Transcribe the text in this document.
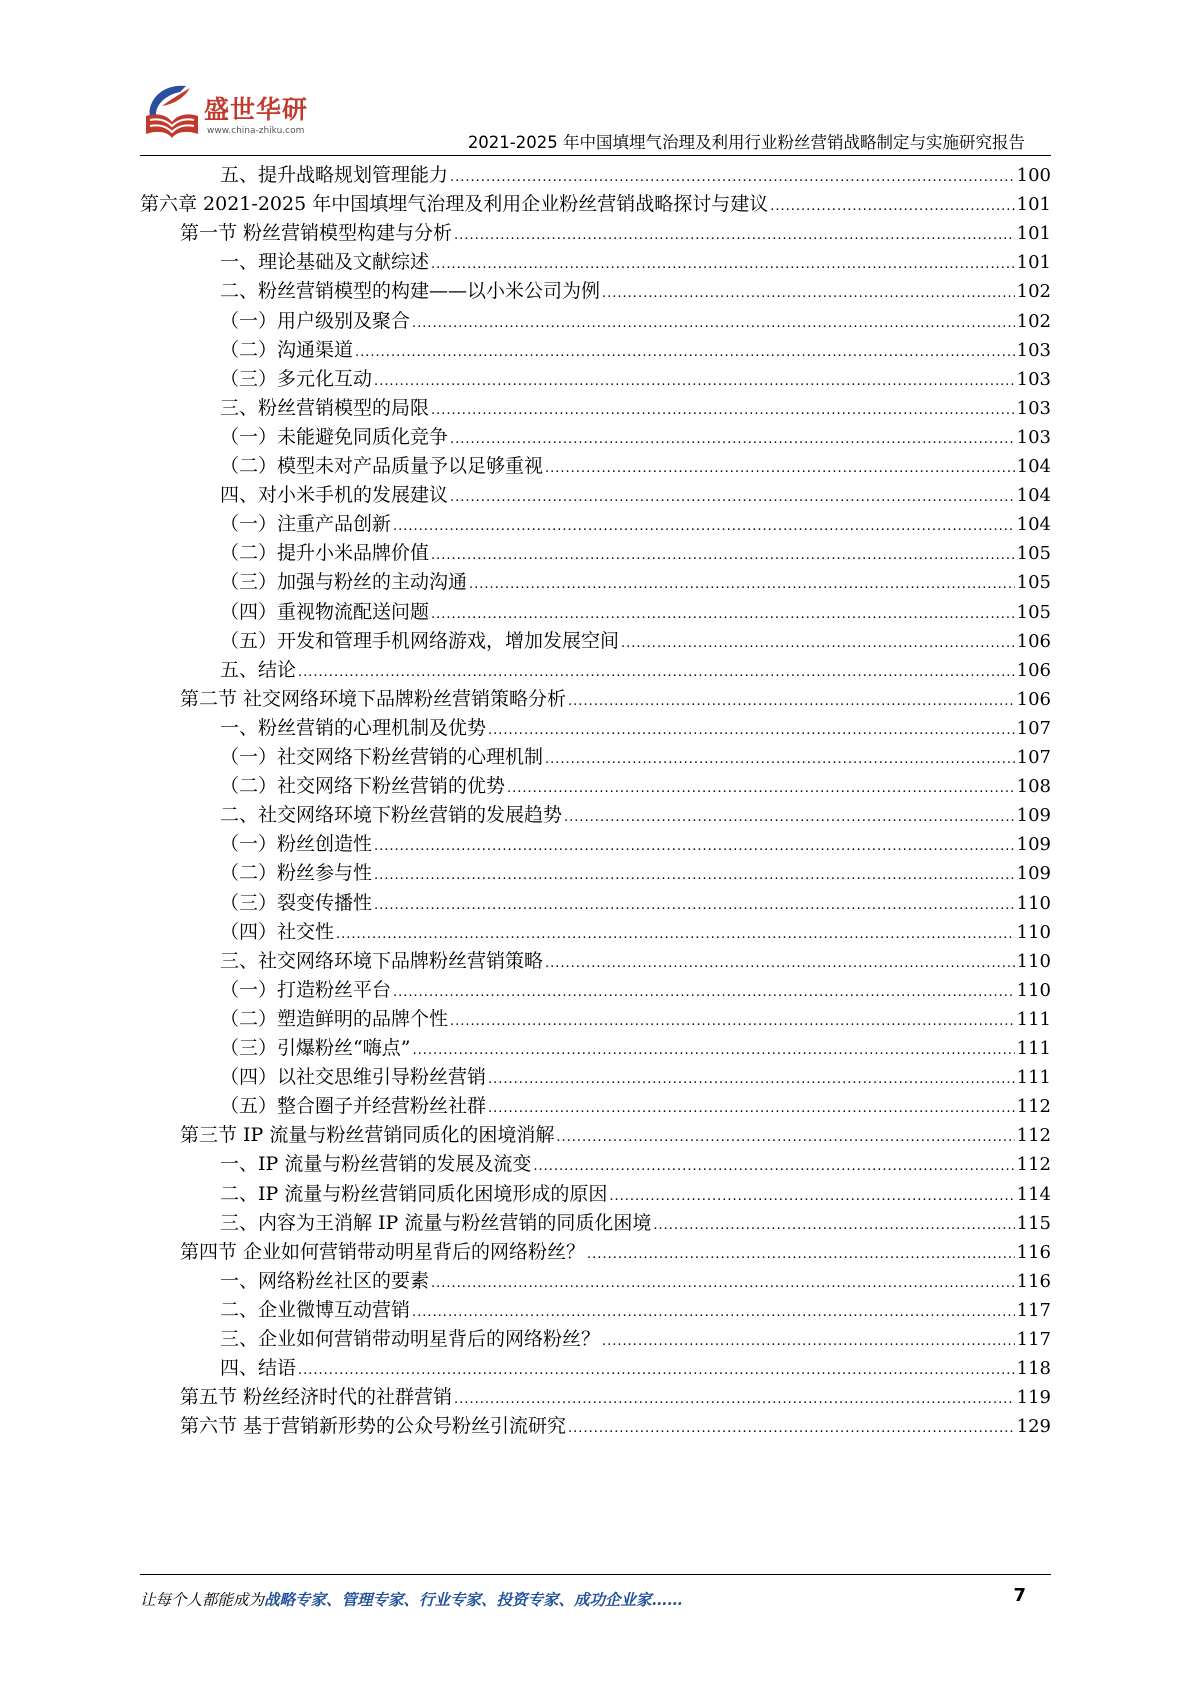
盛世华研
www.china-zhiku.com
2021-2025 年中国填埋气治理及利用行业粉丝营销战略制定与实施研究报告
五、提升战略规划管理能力 .....	100
第六章 2021-2025 年中国填埋气治理及利用企业粉丝营销战略探讨与建议 .....	101
第一节 粉丝营销模型构建与分析 .....	101
一、理论基础及文献综述 .....	101
二、粉丝营销模型的构建——以小米公司为例 .....	102
（一）用户级别及聚合 .....	102
（二）沟通渠道 .....	103
（三）多元化互动 .....	103
三、粉丝营销模型的局限 .....	103
（一）未能避免同质化竞争 .....	103
（二）模型未对产品质量予以足够重视 .....	104
四、对小米手机的发展建议 .....	104
（一）注重产品创新 .....	104
（二）提升小米品牌价值 .....	105
（三）加强与粉丝的主动沟通 .....	105
（四）重视物流配送问题 .....	105
（五）开发和管理手机网络游戏，增加发展空间 .....	106
五、结论 .....	106
第二节 社交网络环境下品牌粉丝营销策略分析 .....	106
一、粉丝营销的心理机制及优势 .....	107
（一）社交网络下粉丝营销的心理机制 .....	107
（二）社交网络下粉丝营销的优势 .....	108
二、社交网络环境下粉丝营销的发展趋势 .....	109
（一）粉丝创造性 .....	109
（二）粉丝参与性 .....	109
（三）裂变传播性 .....	110
（四）社交性 .....	110
三、社交网络环境下品牌粉丝营销策略 .....	110
（一）打造粉丝平台 .....	110
（二）塑造鲜明的品牌个性 .....	111
（三）引爆粉丝“嗨点” .....	111
（四）以社交思维引导粉丝营销 .....	111
（五）整合圈子并经营粉丝社群 .....	112
第三节 IP 流量与粉丝营销同质化的困境消解 .....	112
一、IP 流量与粉丝营销的发展及流变 .....	112
二、IP 流量与粉丝营销同质化困境形成的原因 .....	114
三、内容为王消解 IP 流量与粉丝营销的同质化困境 .....	115
第四节 企业如何营销带动明星背后的网络粉丝？ .....	116
一、网络粉丝社区的要素 .....	116
二、企业微博互动营销 .....	117
三、企业如何营销带动明星背后的网络粉丝？ .....	117
四、结语 .....	118
第五节 粉丝经济时代的社群营销 .....	119
第六节 基于营销新形势的公众号粉丝引流研究 .....	129
让每个人都能成为战略专家、管理专家、行业专家、投资专家、成功企业家……	7
